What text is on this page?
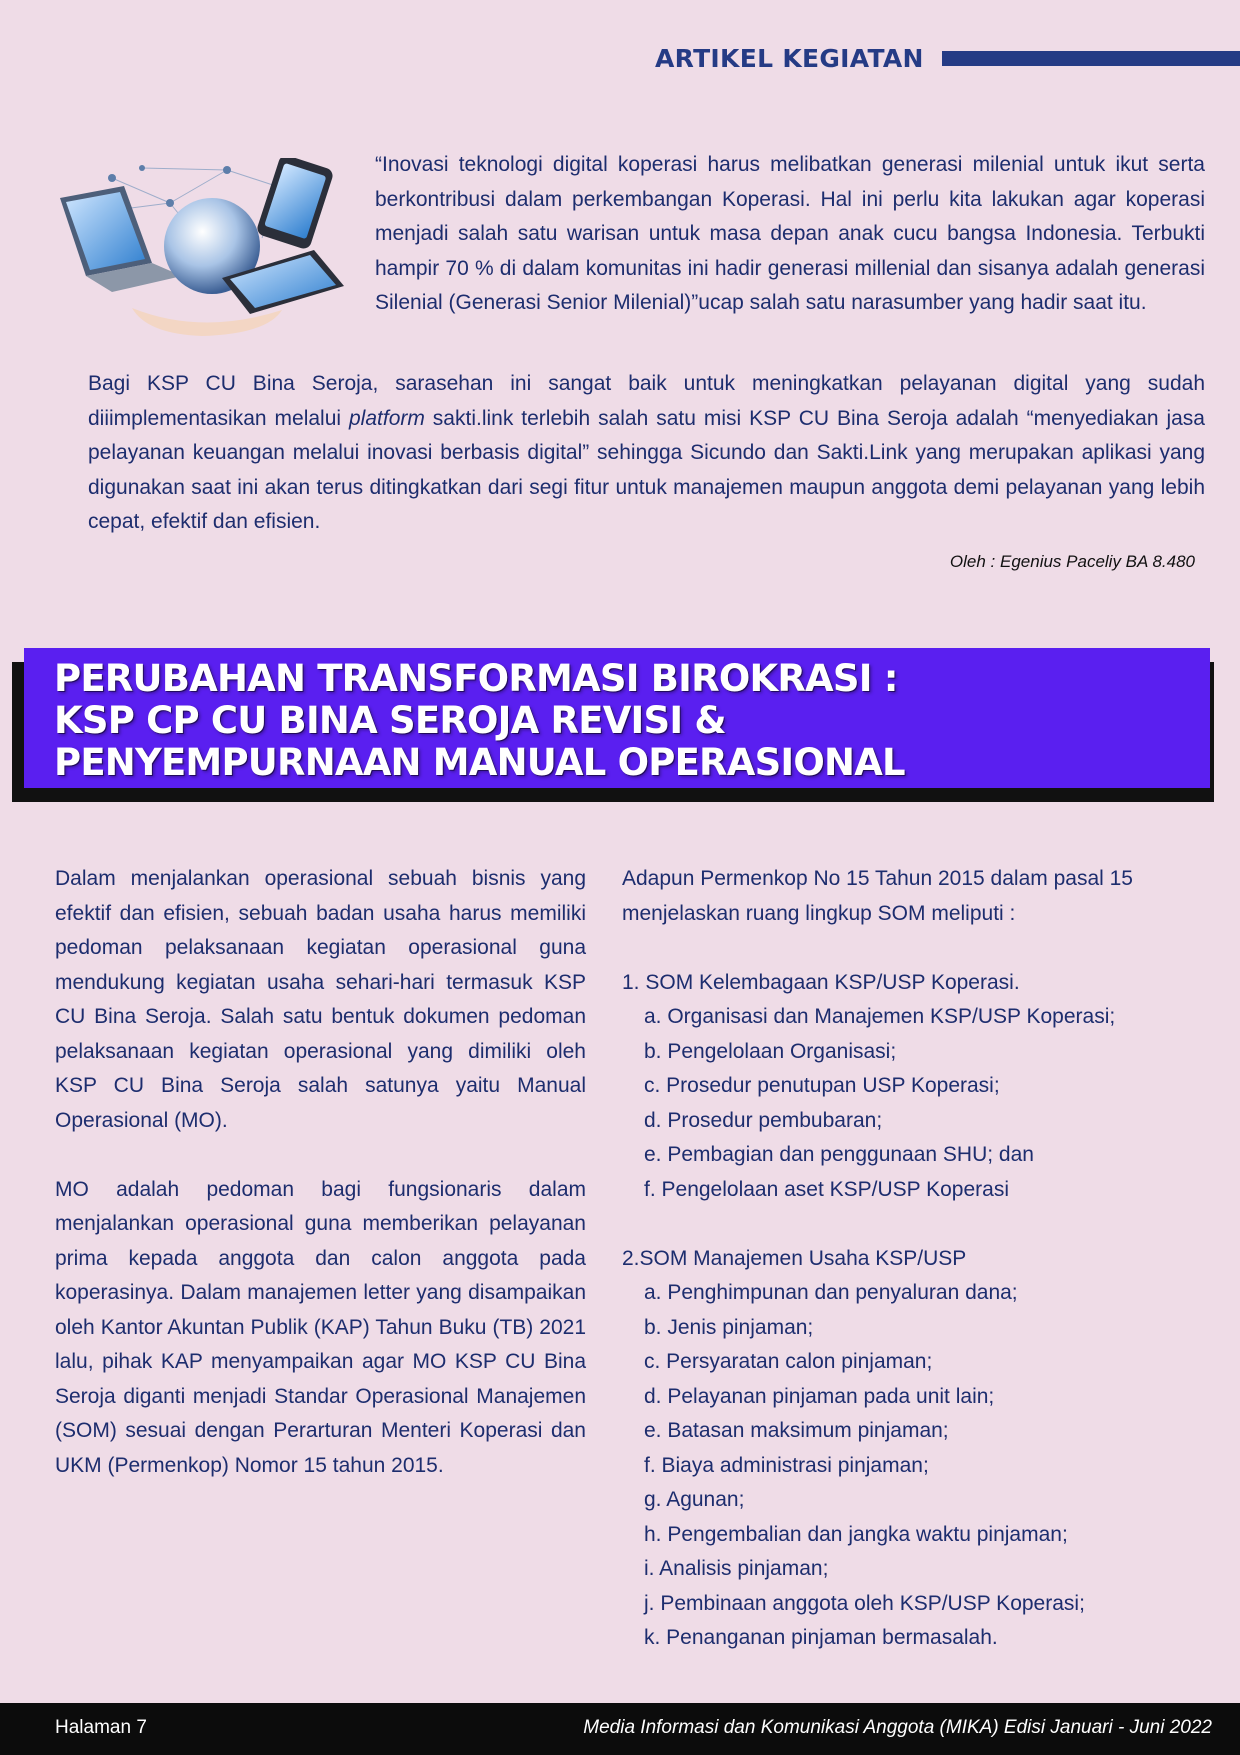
ARTIKEL KEGIATAN
“Inovasi teknologi digital koperasi harus melibatkan generasi milenial untuk ikut serta berkontribusi dalam perkembangan Koperasi. Hal ini perlu kita lakukan agar koperasi menjadi salah satu warisan untuk masa depan anak cucu bangsa Indonesia. Terbukti hampir 70 % di dalam komunitas ini hadir generasi millenial dan sisanya adalah generasi Silenial (Generasi Senior Milenial)”ucap salah satu narasumber yang hadir saat itu.
Bagi KSP CU Bina Seroja, sarasehan ini sangat baik untuk meningkatkan pelayanan digital yang sudah diiimplementasikan melalui platform sakti.link terlebih salah satu misi KSP CU Bina Seroja adalah “menyediakan jasa pelayanan keuangan melalui inovasi berbasis digital” sehingga Sicundo dan Sakti.Link yang merupakan aplikasi yang digunakan saat ini akan terus ditingkatkan dari segi fitur untuk manajemen maupun anggota demi pelayanan yang lebih cepat, efektif dan efisien.
Oleh : Egenius Paceliy BA 8.480
PERUBAHAN TRANSFORMASI BIROKRASI :
KSP CP CU BINA SEROJA REVISI &
PENYEMPURNAAN MANUAL OPERASIONAL

Dalam menjalankan operasional sebuah bisnis yang efektif dan efisien, sebuah badan usaha harus memiliki pedoman pelaksanaan kegiatan operasional guna mendukung kegiatan usaha sehari-hari termasuk KSP CU Bina Seroja. Salah satu bentuk dokumen pedoman pelaksanaan kegiatan operasional yang dimiliki oleh KSP CU Bina Seroja salah satunya yaitu Manual Operasional (MO).

MO adalah pedoman bagi fungsionaris dalam menjalankan operasional guna memberikan pelayanan prima kepada anggota dan calon anggota pada koperasinya. Dalam manajemen letter yang disampaikan oleh Kantor Akuntan Publik (KAP) Tahun Buku (TB) 2021 lalu, pihak KAP menyampaikan agar MO KSP CU Bina Seroja diganti menjadi Standar Operasional Manajemen (SOM) sesuai dengan Perarturan Menteri Koperasi dan UKM (Permenkop) Nomor 15 tahun 2015.

Adapun Permenkop No 15 Tahun 2015 dalam pasal 15

menjelaskan ruang lingkup SOM meliputi :

1. SOM Kelembagaan KSP/USP Koperasi.

a. Organisasi dan Manajemen KSP/USP Koperasi;

b. Pengelolaan Organisasi;

c. Prosedur penutupan USP Koperasi;

d. Prosedur pembubaran;

e. Pembagian dan penggunaan SHU; dan

f. Pengelolaan aset KSP/USP Koperasi

2.SOM Manajemen Usaha KSP/USP

a. Penghimpunan dan penyaluran dana;

b. Jenis pinjaman;

c. Persyaratan calon pinjaman;

d. Pelayanan pinjaman pada unit lain;

e. Batasan maksimum pinjaman;

f. Biaya administrasi pinjaman;

g. Agunan;

h. Pengembalian dan jangka waktu pinjaman;

i. Analisis pinjaman;

j. Pembinaan anggota oleh KSP/USP Koperasi;

k. Penanganan pinjaman bermasalah.

Halaman 7	Media Informasi dan Komunikasi Anggota (MIKA) Edisi Januari - Juni 2022
